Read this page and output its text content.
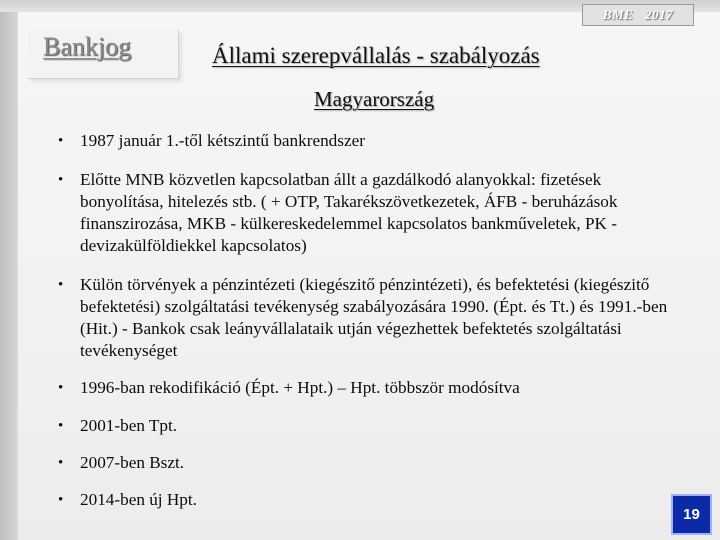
BME 2017
Bankjog	Állami szerepvállalás - szabályozás
Magyarország
• 1987 január 1.-től kétszintű bankrendszer
• Előtte MNB közvetlen kapcsolatban állt a gazdálkodó alanyokkal: fizetések bonyolítása, hitelezés stb. ( + OTP, Takarékszövetkezetek, ÁFB - beruházások finanszirozása, MKB - külkereskedelemmel kapcsolatos bankműveletek, PK - devizakülföldiekkel kapcsolatos)
• Külön törvények a pénzintézeti (kiegészitő pénzintézeti), és befektetési (kiegészitő befektetési) szolgáltatási tevékenység szabályozására 1990. (Épt. és Tt.) és 1991.-ben (Hit.) - Bankok csak leányvállalataik utján végezhettek befektetés szolgáltatási tevékenységet
• 1996-ban rekodifikáció (Épt. + Hpt.) – Hpt. többször modósítva
• 2001-ben Tpt.
• 2007-ben Bszt.
• 2014-ben új Hpt.
19
